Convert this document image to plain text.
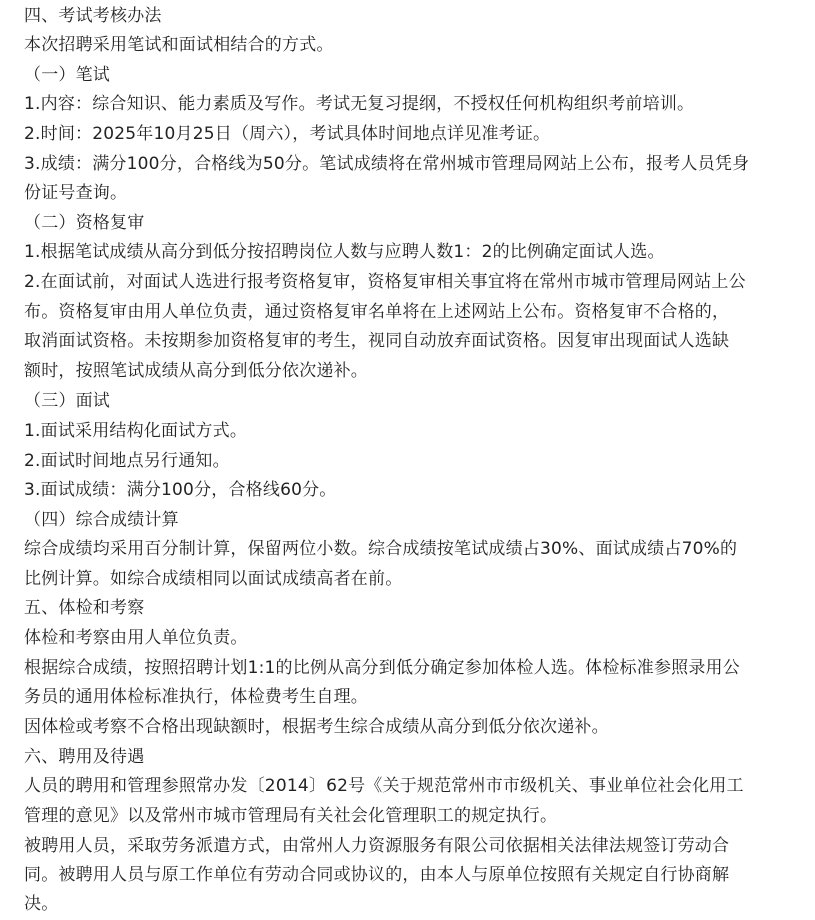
四、考试考核办法

本次招聘采用笔试和面试相结合的方式。

（一）笔试

1.内容：综合知识、能力素质及写作。考试无复习提纲，不授权任何机构组织考前培训。

2.时间：2025年10月25日（周六），考试具体时间地点详见准考证。

3.成绩：满分100分，合格线为50分。笔试成绩将在常州城市管理局网站上公布，报考人员凭身

份证号查询。

（二）资格复审

1.根据笔试成绩从高分到低分按招聘岗位人数与应聘人数1：2的比例确定面试人选。

2.在面试前，对面试人选进行报考资格复审，资格复审相关事宜将在常州市城市管理局网站上公

布。资格复审由用人单位负责，通过资格复审名单将在上述网站上公布。资格复审不合格的，

取消面试资格。未按期参加资格复审的考生，视同自动放弃面试资格。因复审出现面试人选缺

额时，按照笔试成绩从高分到低分依次递补。

（三）面试

1.面试采用结构化面试方式。

2.面试时间地点另行通知。

3.面试成绩：满分100分，合格线60分。

（四）综合成绩计算

综合成绩均采用百分制计算，保留两位小数。综合成绩按笔试成绩占30%、面试成绩占70%的

比例计算。如综合成绩相同以面试成绩高者在前。

五、体检和考察

体检和考察由用人单位负责。

根据综合成绩，按照招聘计划1:1的比例从高分到低分确定参加体检人选。体检标准参照录用公

务员的通用体检标准执行，体检费考生自理。

因体检或考察不合格出现缺额时，根据考生综合成绩从高分到低分依次递补。

六、聘用及待遇

人员的聘用和管理参照常办发〔2014〕62号《关于规范常州市市级机关、事业单位社会化用工

管理的意见》以及常州市城市管理局有关社会化管理职工的规定执行。

被聘用人员，采取劳务派遣方式，由常州人力资源服务有限公司依据相关法律法规签订劳动合

同。被聘用人员与原工作单位有劳动合同或协议的，由本人与原单位按照有关规定自行协商解

决。
